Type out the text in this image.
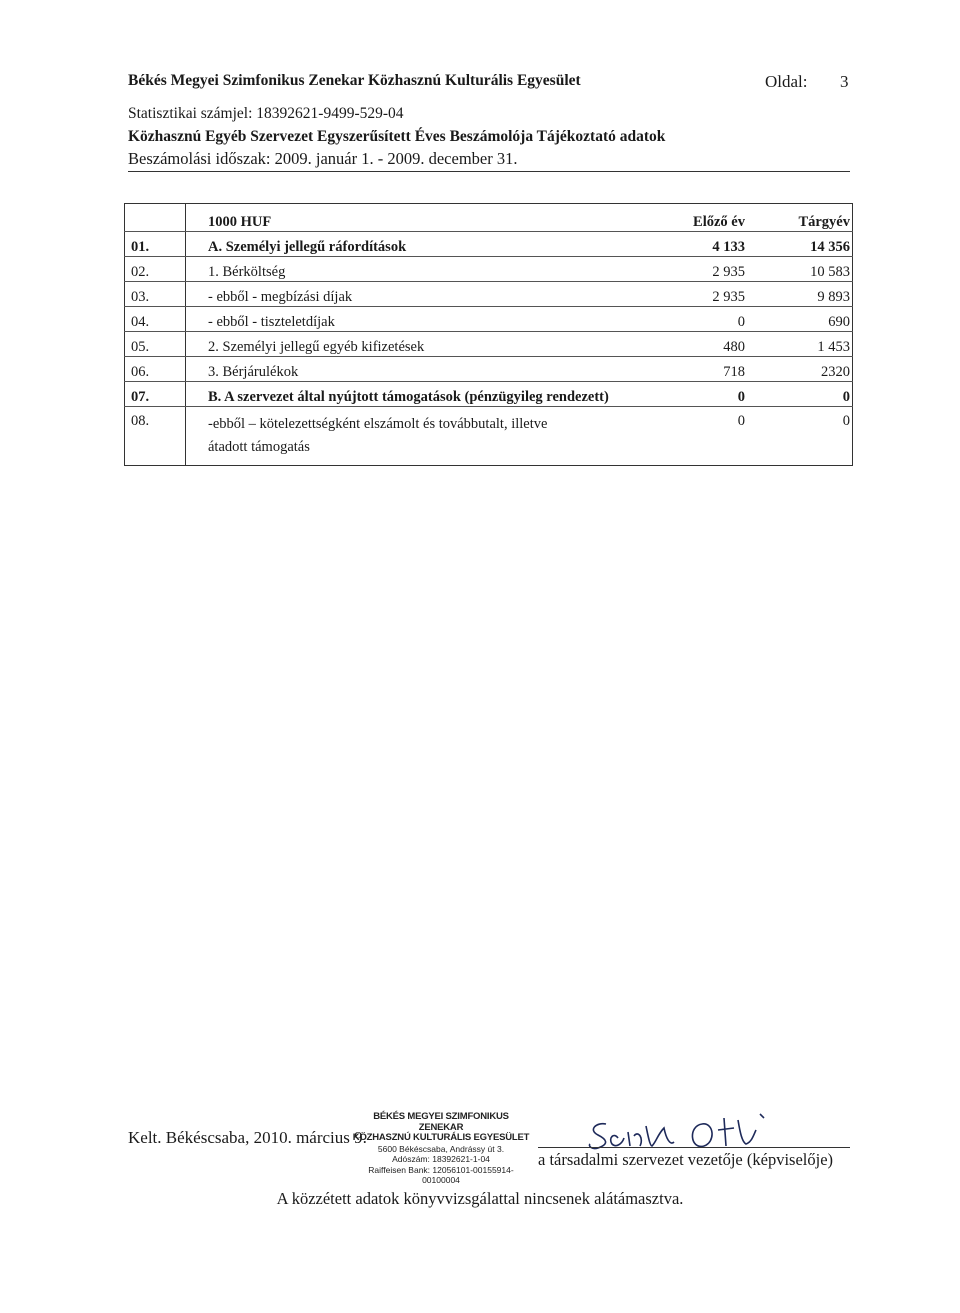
Békés Megyei Szimfonikus Zenekar Közhasznú Kulturális Egyesület	Oldal: 3
Statisztikai számjel: 18392621-9499-529-04
Közhasznú Egyéb Szervezet Egyszerűsített Éves Beszámolója Tájékoztató adatok
Beszámolási időszak: 2009. január 1. - 2009. december 31.
	1000 HUF	Előző év	Tárgyév
01.	A. Személyi jellegű ráfordítások	4 133	14 356
02.	1. Bérköltség	2 935	10 583
03.	- ebből - megbízási díjak	2 935	9 893
04.	- ebből - tiszteletdíjak	0	690
05.	2. Személyi jellegű egyéb kifizetések	480	1 453
06.	3. Bérjárulékok	718	2320
07.	B. A szervezet által nyújtott támogatások (pénzügyileg rendezett)	0	0
08.	-ebből – kötelezettségként elszámolt és továbbutalt, illetve
átadott támogatás	0	0
BÉKÉS MEGYEI SZIMFONIKUS ZENEKAR
KÖZHASZNÚ KULTURÁLIS EGYESÜLET
5600 Békéscsaba, Andrássy út 3.
Adószám: 18392621-1-04
Raiffeisen Bank: 12056101-00155914-00100004
Kelt. Békéscsaba, 2010. március 9.
a társadalmi szervezet vezetője (képviselője)
A közzétett adatok könyvvizsgálattal nincsenek alátámasztva.
